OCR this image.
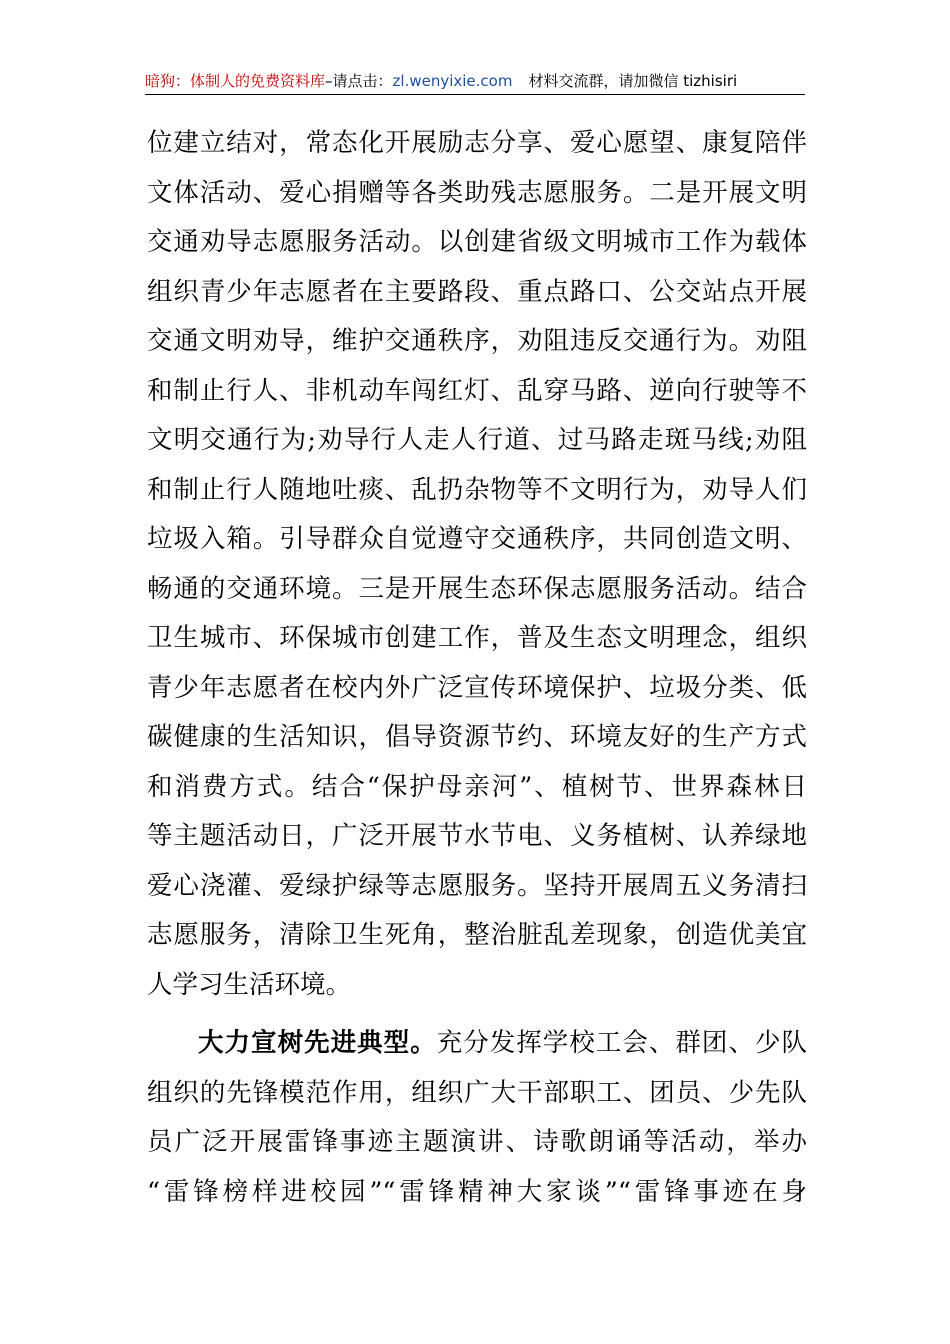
暗狗：体制人的免费资料库–请点击：zl.wenyixie.com 材料交流群，请加微信 tizhisiri
位建立结对，常态化开展励志分享、爱心愿望、康复陪伴
文体活动、爱心捐赠等各类助残志愿服务。二是开展文明
交通劝导志愿服务活动。以创建省级文明城市工作为载体
组织青少年志愿者在主要路段、重点路口、公交站点开展
交通文明劝导，维护交通秩序，劝阻违反交通行为。劝阻
和制止行人、非机动车闯红灯、乱穿马路、逆向行驶等不
文明交通行为;劝导行人走人行道、过马路走斑马线;劝阻
和制止行人随地吐痰、乱扔杂物等不文明行为，劝导人们
垃圾入箱。引导群众自觉遵守交通秩序，共同创造文明、
畅通的交通环境。三是开展生态环保志愿服务活动。结合
卫生城市、环保城市创建工作，普及生态文明理念，组织
青少年志愿者在校内外广泛宣传环境保护、垃圾分类、低
碳健康的生活知识，倡导资源节约、环境友好的生产方式
和消费方式。结合“保护母亲河”、植树节、世界森林日
等主题活动日，广泛开展节水节电、义务植树、认养绿地
爱心浇灌、爱绿护绿等志愿服务。坚持开展周五义务清扫
志愿服务，清除卫生死角，整治脏乱差现象，创造优美宜
人学习生活环境。
大力宣树先进典型。充分发挥学校工会、群团、少队
组织的先锋模范作用，组织广大干部职工、团员、少先队
员广泛开展雷锋事迹主题演讲、诗歌朗诵等活动，举办
“雷锋榜样进校园”“雷锋精神大家谈”“雷锋事迹在身
